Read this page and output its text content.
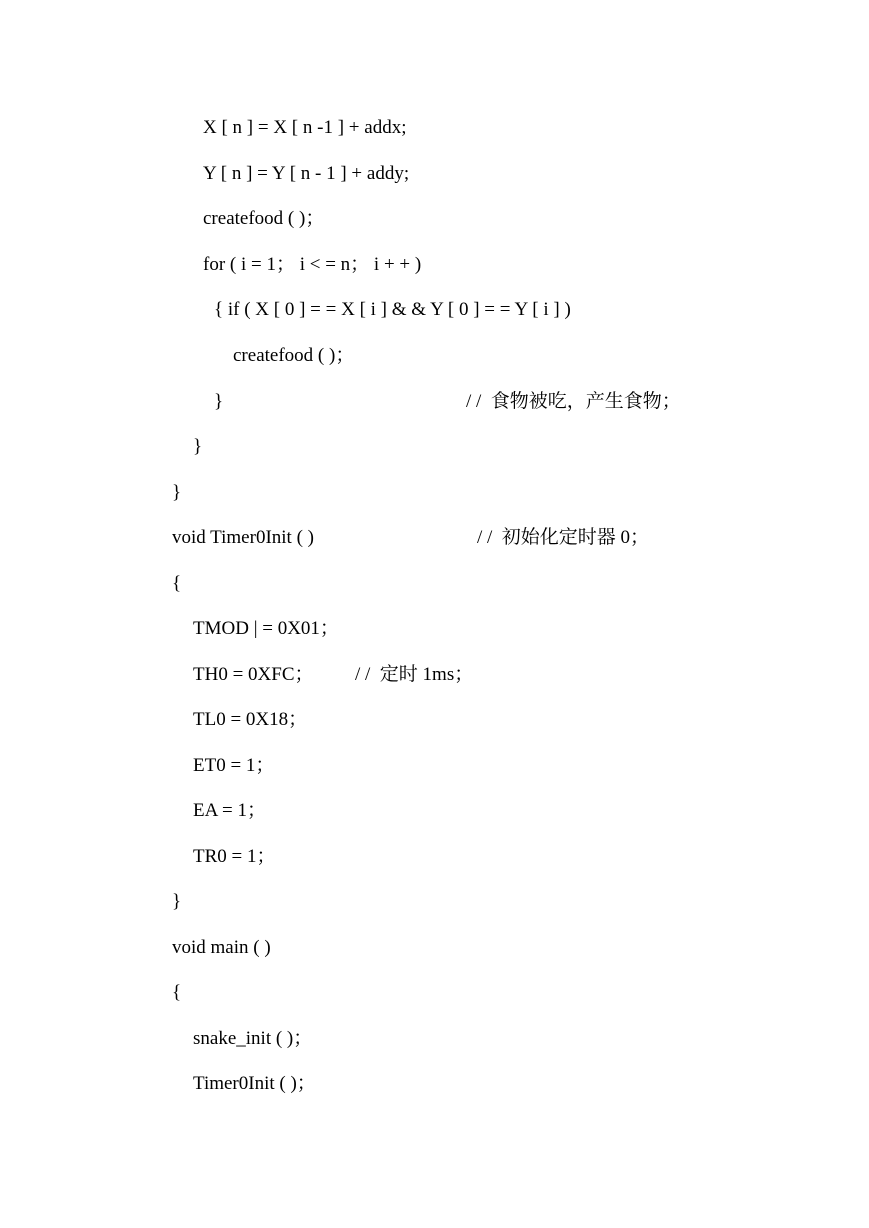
X [ n ] = X [ n -1 ] + addx;
Y [ n ] = Y [ n - 1 ] + addy;
createfood ( )；
for ( i = 1； i < = n； i + + )
{ if ( X [ 0 ] = = X [ i ] & & Y [ 0 ] = = Y [ i ] )
createfood ( )；
}	/ /  食物被吃，产生食物；
}
}
void Timer0Init ( )	/ /  初始化定时器 0；
{
TMOD | = 0X01；
TH0 = 0XFC； / /  定时 1ms；
TL0 = 0X18；
ET0 = 1；
EA = 1；
TR0 = 1；
}
void main ( )
{
snake_init ( )；
Timer0Init ( )；
